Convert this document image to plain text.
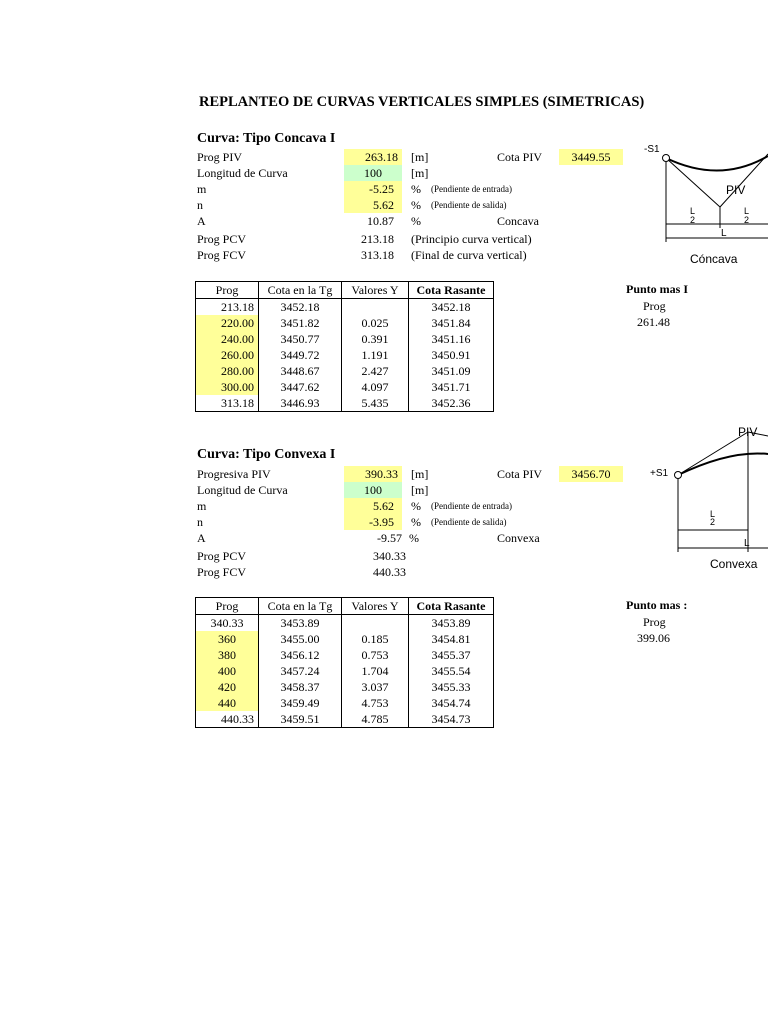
REPLANTEO DE CURVAS VERTICALES SIMPLES (SIMETRICAS)
Curva: Tipo Concava I
Prog PIV	263.18	[m]	Cota PIV	3449.55
Longitud de Curva	100	[m]
m	-5.25	% (Pendiente de entrada)
n	5.62	% (Pendiente de salida)
A	10.87	%	Concava
Prog PCV	213.18	(Principio curva vertical)
Prog FCV	313.18	(Final de curva vertical)
Prog	Cota en la Tg	Valores Y	Cota Rasante
213.18	3452.18		3452.18
220.00	3451.82	0.025	3451.84
240.00	3450.77	0.391	3451.16
260.00	3449.72	1.191	3450.91
280.00	3448.67	2.427	3451.09
300.00	3447.62	4.097	3451.71
313.18	3446.93	5.435	3452.36
Punto mas I
Prog
261.48
-S1
PIV
L
2
L
2
L
Cóncava
Curva: Tipo Convexa I
Progresiva PIV	390.33	[m]	Cota PIV	3456.70
Longitud de Curva	100	[m]
m	5.62	% (Pendiente de entrada)
n	-3.95	% (Pendiente de salida)
A	-9.57 %	Convexa
Prog PCV	340.33
Prog FCV	440.33
Prog	Cota en la Tg	Valores Y	Cota Rasante
340.33	3453.89		3453.89
360	3455.00	0.185	3454.81
380	3456.12	0.753	3455.37
400	3457.24	1.704	3455.54
420	3458.37	3.037	3455.33
440	3459.49	4.753	3454.74
440.33	3459.51	4.785	3454.73
Punto mas :
Prog
399.06
+S1
PIV
L
2
L
Convexa
